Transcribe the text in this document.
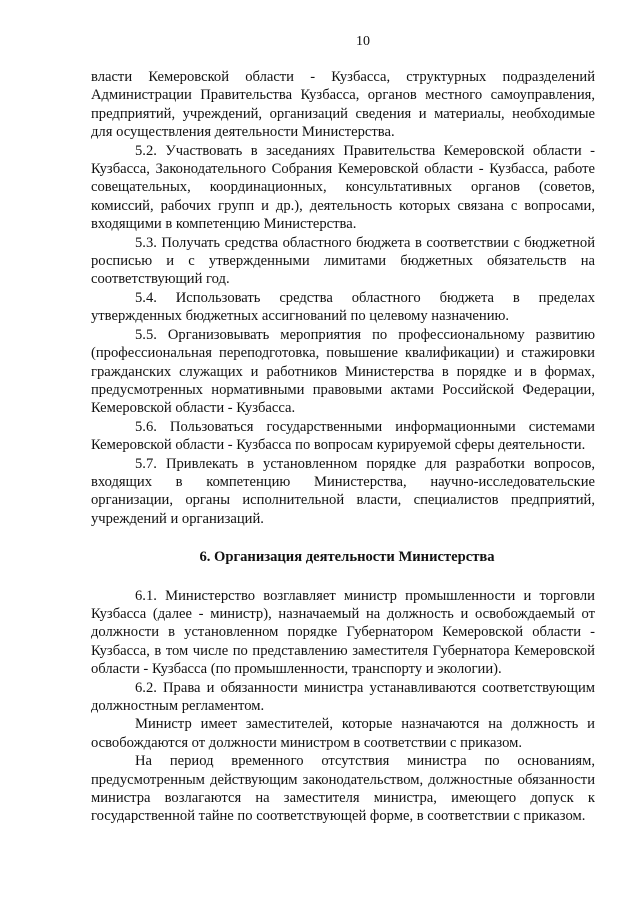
10

власти Кемеровской области - Кузбасса, структурных подразделений Администрации Правительства Кузбасса, органов местного самоуправления, предприятий, учреждений, организаций сведения и материалы, необходимые для осуществления деятельности Министерства.

5.2. Участвовать в заседаниях Правительства Кемеровской области - Кузбасса, Законодательного Собрания Кемеровской области - Кузбасса, работе совещательных, координационных, консультативных органов (советов, комиссий, рабочих групп и др.), деятельность которых связана с вопросами, входящими в компетенцию Министерства.

5.3. Получать средства областного бюджета в соответствии с бюджетной росписью и с утвержденными лимитами бюджетных обязательств на соответствующий год.

5.4. Использовать средства областного бюджета в пределах утвержденных бюджетных ассигнований по целевому назначению.

5.5. Организовывать мероприятия по профессиональному развитию (профессиональная переподготовка, повышение квалификации) и стажировки гражданских служащих и работников Министерства в порядке и в формах, предусмотренных нормативными правовыми актами Российской Федерации, Кемеровской области - Кузбасса.

5.6. Пользоваться государственными информационными системами Кемеровской области - Кузбасса по вопросам курируемой сферы деятельности.

5.7. Привлекать в установленном порядке для разработки вопросов, входящих в компетенцию Министерства, научно-исследовательские организации, органы исполнительной власти, специалистов предприятий, учреждений и организаций.

6. Организация деятельности Министерства

6.1. Министерство возглавляет министр промышленности и торговли Кузбасса (далее - министр), назначаемый на должность и освобождаемый от должности в установленном порядке Губернатором Кемеровской области - Кузбасса, в том числе по представлению заместителя Губернатора Кемеровской области - Кузбасса (по промышленности, транспорту и экологии).

6.2. Права и обязанности министра устанавливаются соответствующим должностным регламентом.

Министр имеет заместителей, которые назначаются на должность и освобождаются от должности министром в соответствии с приказом.

На период временного отсутствия министра по основаниям, предусмотренным действующим законодательством, должностные обязанности министра возлагаются на заместителя министра, имеющего допуск к государственной тайне по соответствующей форме, в соответствии с приказом.
